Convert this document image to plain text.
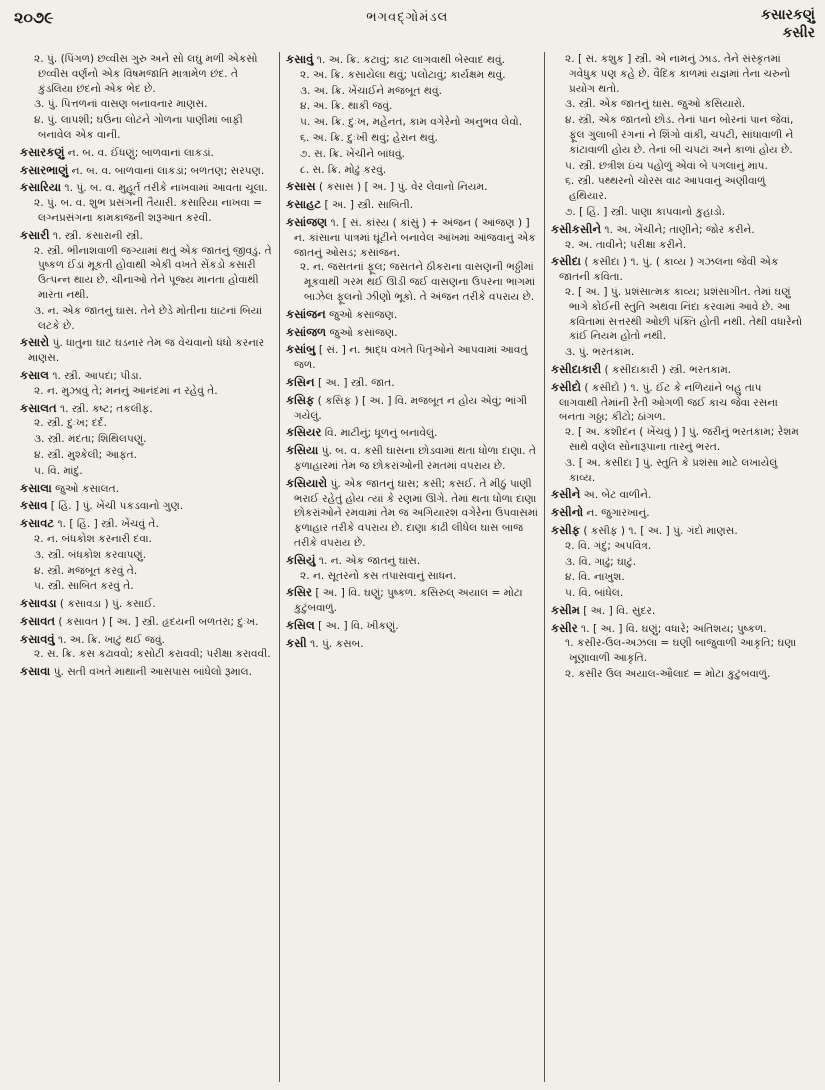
૨૦૭૯	ભગવદ્ગોમંડલ	કસારકણું
કસીર
૨. પું. (પિંગળ) છવ્વીસ ગુરુ અને સો લઘુ મળી એકસો છવ્વીસ વર્ણનો એક વિષમજાતિ માત્રામેળ છંદ. તે કુંડલિયા છંદનો એક ભેદ છે.
૩. પું. પિત્તળનાં વાસણ બનાવનાર માણસ.
૪. પું. લાપશી; ઘઉંના લોટને ગોળના પાણીમાં બાફી બનાવેલ એક વાની.
કસારકણું ન. બ. વ. ઈંધણું; બાળવાનાં લાકડાં.
કસારભાણું ન. બ. વ. બાળવાનાં લાકડાં; બળતણ; સરપણ.
કસારિયા ૧. પું. બ. વ. મુહૂર્ત તરીકે નાખવામાં આવતા ચૂલા.
૨. પું. બ. વ. શુભ પ્રસંગની તૈયારી. કસારિયા નાખવા = લગ્નપ્રસંગના કામકાજની શરૂઆત કરવી.
કસારી ૧. સ્ત્રી. કંસારાની સ્ત્રી.
૨. સ્ત્રી. ભીનાશવાળી જગ્યામાં થતું એક જાતનું જીવડું. તે પુષ્કળ ઈંડાં મૂકતી હોવાથી એકી વખતે સેંકડો કસારી ઉત્પન્ન થાય છે. ચીનાઓ તેને પૂજ્ય માનતા હોવાથી મારતા નથી.
૩. ન. એક જાતનું ઘાસ. તેને છેડે મોતીના ઘાટનાં બિયાં લટકે છે.
કસારો પું. ધાતુના ઘાટ ઘડનાર તેમ જ વેચવાનો ધંધો કરનાર માણસ.
કસાલ ૧. સ્ત્રી. આપદા; પીડા.
૨. ન. મુઝાવું તે; મનનું આનંદમાં ન રહેવું તે.
કસાલત ૧. સ્ત્રી. કષ્ટ; તકલીફ.
૨. સ્ત્રી. દુઃખ; દર્દ.
૩. સ્ત્રી. મંદતા; શિથિલપણું.
૪. સ્ત્રી. મુશ્કેલી; આફત.
૫. વિ. માંદું.
કસાલા જુઓ કસાલત.
કસાવ [ હિં. ] પું. ખેંચી પકડવાનો ગુણ.
કસાવટ ૧. [ હિં. ] સ્ત્રી. ખેંચવું તે.
૨. ન. બંધકોશ કરનારી દવા.
૩. સ્ત્રી. બંધકોશ કરવાપણું.
૪. સ્ત્રી. મજબૂત કરવું તે.
૫. સ્ત્રી. સાબિત કરવું તે.
કસાવડા ( કસાવડા ) પું. કસાઈ.
કસાવત ( કસાવત ) [ અ. ] સ્ત્રી. હૃદયની બળતરા; દુઃખ.
કસાવવું ૧. અ. ક્રિ. ખાટું થઈ જવું.
૨. સ. ક્રિ. કસ કઢાવવો; કસોટી કરાવવી; પરીક્ષા કરાવવી.
કસાવા પું. સતી વખતે માથાની આસપાસ બાંધેલો રૂમાલ.
કસાવું ૧. અ. ક્રિ. કટાવું; કાટ લાગવાથી બેસ્વાદ થવું.
૨. અ. ક્રિ. કસાયેલા થવું; પલોટાવું; કાર્યક્ષમ થવું.
૩. અ. ક્રિ. ખેંચાઈને મજબૂત થવું.
૪. અ. ક્રિ. થાકી જવું.
૫. અ. ક્રિ. દુઃખ, મહેનત, કામ વગેરેનો અનુભવ લેવો.
૬. અ. ક્રિ. દુઃખી થવું; હેરાન થવું.
૭. સ. ક્રિ. ખેંચીને બાંધવું.
૮. સ. ક્રિ. મોઢું કરવું.
કસાસ ( કસાસ ) [ અ. ] પું. વેર લેવાનો નિયમ.
કસાહટ [ અ. ] સ્ત્રી. સાબિતી.
કસાંજણ ૧. [ સં. કાંસ્ય ( કાંસું ) + અંજન ( આંજણ ) ] ન. કાંસાના પાત્રમાં ઘૂંટીને બનાવેલ આંખમાં આંજવાનું એક જાતનું ઓસડ; કસાંજન.
૨. ન. જસતનાં ફૂલ; જસતને ઠીકરાના વાસણની ભઠ્ઠીમાં મૂકવાથી ગરમ થઈ ઊડી જઈ વાસણના ઉપરના ભાગમાં બાઝેલ ફૂલનો ઝીણો ભૂકો. તે અંજન તરીકે વપરાય છે.
કસાંજન જુઓ કસાંજણ.
કસાંજળ જુઓ કસાંજણ.
કસાંબુ [ સં. ] ન. શ્રાદ્ધ વખતે પિતૃઓને આપવામાં આવતું જળ.
કસિન [ અ. ] સ્ત્રી. જાત.
કસિફ ( કસિફ ) [ અ. ] વિ. મજબૂત ન હોય એવું; ભાંગી ગયેલું.
કસિયર વિ. માટીનું; ધૂળનું બનાવેલું.
કસિયા પું. બ. વ. કસી ઘાસના છોડવામાં થતા ધોળા દાણા. તે ફળાહારમાં તેમ જ છોકરાંઓની રમતમાં વપરાય છે.
કસિયારો પું. એક જાતનું ઘાસ; કસી; કસઈ. તે મીઠું પાણી ભરાઈ રહેતું હોય ત્યાં કે રણમાં ઊગે. તેમાં થતા ધોળા દાણા છોકરાંઓને રમવામાં તેમ જ અગિયારશ વગેરેના ઉપવાસમાં ફળાહાર તરીકે વપરાય છે. દાણા કાઢી લીધેલ ઘાસ બાજ તરીકે વપરાય છે.
કસિયું ૧. ન. એક જાતનું ઘાસ.
૨. ન. સૂતરનો કસ તપાસવાનું સાધન.
કસિર [ અ. ] વિ. ઘણું; પુષ્કળ. કસિરુલ્ અયાલ = મોટા કુટુંબવાળું.
કસિલ [ અ. ] વિ. ખીકણું.
કસી ૧. પું. કસબ.
૨. [ સં. કશુક ] સ્ત્રી. એ નામનું ઝાડ. તેને સંસ્કૃતમાં ગવેધુક પણ કહે છે. વૈદિક કાળમાં યજ્ઞમાં તેના ચરુનો પ્રયોગ થતો.
૩. સ્ત્રી. એક જાતનું ઘાસ. જુઓ કસિયારો.
૪. સ્ત્રી. એક જાતનો છોડ. તેનાં પાન બોરનાં પાન જેવાં, ફૂલ ગુલાબી રંગનાં ને શિંગો વાંકી, ચપટી, સાંધાવાળી ને કાંટાવાળી હોય છે. તેનાં બી ચપટાં અને કાળાં હોય છે.
૫. સ્ત્રી. છત્રીશ ઇંચ પહોળું એવાં બે પગલાંનું માપ.
૬. સ્ત્રી. પથ્થરનો ચોરસ વાઢ આપવાનું અણીવાળું હથિયાર.
૭. [ હિં. ] સ્ત્રી. પાણા કાપવાનો કુહાડો.
કસીકસીને ૧. અ. ખેંચીને; તાણીને; જોર કરીને.
૨. અ. તાવીને; પરીક્ષા કરીને.
કસીદા ( કસીદા ) ૧. પું. ( કાવ્ય ) ગઝલના જેવી એક જાતની કવિતા.
૨. [ અ. ] પું. પ્રશંસાત્મક કાવ્ય; પ્રશંસાગીત. તેમાં ઘણું ભાગે કોઈની સ્તુતિ અથવા નિંદા કરવામાં આવે છે. આ કવિતામાં સત્તરથી ઓછી પંક્તિ હોતી નથી. તેથી વધારેનો કાંઈ નિયમ હોતો નથી.
૩. પું. ભરતકામ.
કસીદાકારી ( કસીદાકારી ) સ્ત્રી. ભરતકામ.
કસીદો ( કસીદો ) ૧. પું. ઈંટ કે નળિયાંને બહુ તાપ લાગવાથી તેમાંની રેતી ઓગળી જઈ કાચ જેવા રસના બનતા ગઠ્ઠા; કીટો; ઠાંગળ.
૨. [ અ. કશીદન ( ખેંચવું ) ] પું. જરીનું ભરતકામ; રેશમ સાથે વણેલ સોનારૂપાના તારનું ભરત.
૩. [ અ. કસીદા ] પું. સ્તુતિ કે પ્રશંસા માટે લખાયેલું કાવ્ય.
કસીને અ. બેટ વાળીને.
કસીનો ન. જુગારખાનું.
કસીફ ( કસીફ ) ૧. [ અ. ] પું. ગંદો માણસ.
૨. વિ. ગંદું; અપવિત્ર.
૩. વિ. ગાઢું; ઘાટું.
૪. વિ. નાખુશ.
૫. વિ. બાંધેલ.
કસીમ [ અ. ] વિ. સુંદર.
કસીર ૧. [ અ. ] વિ. ઘણું; વધારે; અતિશય; પુષ્કળ.
૧. કસીર-ઉલ-અઝલા = ઘણી બાજુવાળી આકૃતિ; ઘણા ખૂણાવાળી આકૃતિ.
૨. કસીર ઉલ અયાલ-ઔલાદ = મોટા કુટુંબવાળું.
